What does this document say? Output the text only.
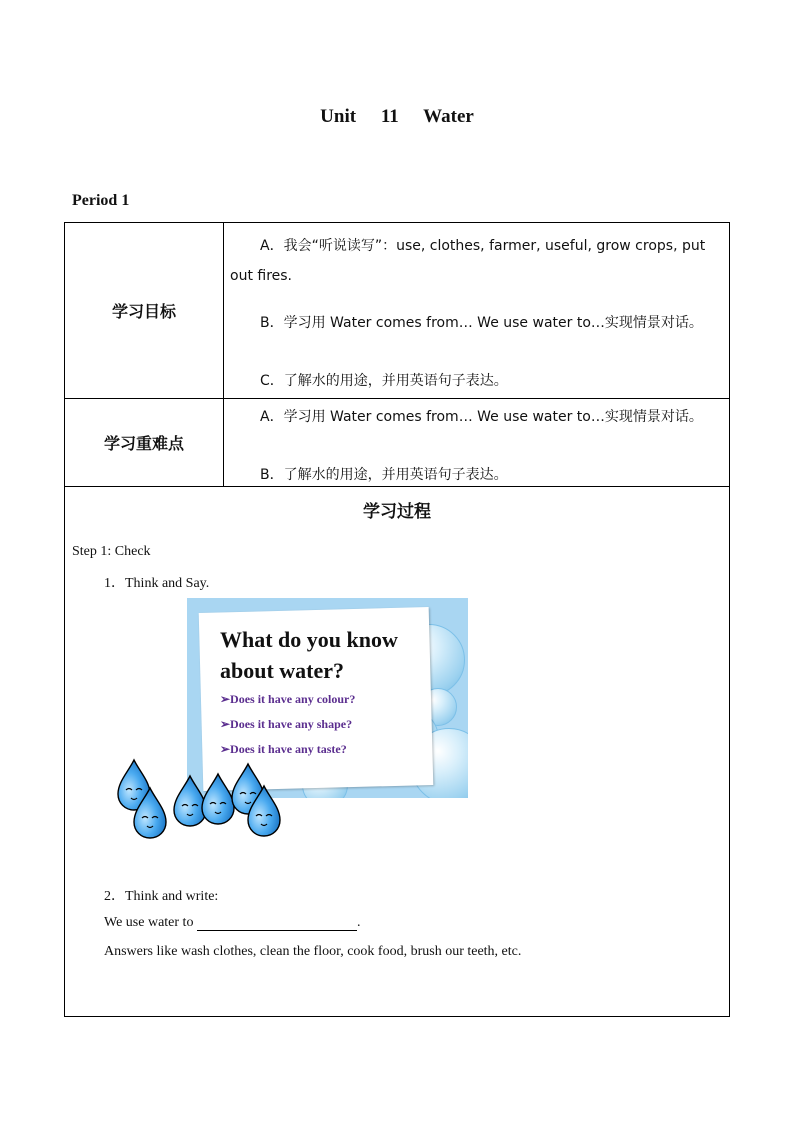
Unit 11 Water
Period 1
学习目标	A．我会“听说读写”：use, clothes, farmer, useful, grow crops, put out fires.

B．学习用 Water comes from… We use water to…实现情景对话。

C．了解水的用途，并用英语句子表达。

学习重难点	A．学习用 Water comes from… We use water to…实现情景对话。

B．了解水的用途，并用英语句子表达。

学习过程	
Step 1: Check
1．Think and Say.
What do you know
about water?
➢Does it have any colour?
➢Does it have any shape?
➢Does it have any taste?
2．Think and write:
We use water to	.
Answers like wash clothes, clean the floor, cook food, brush our teeth, etc.
